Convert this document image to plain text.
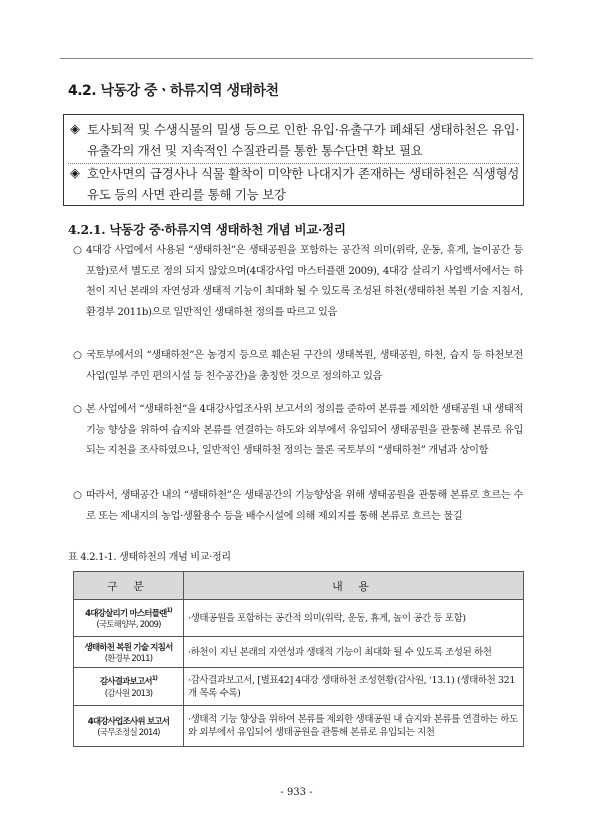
4.2. 낙동강 중ㆍ하류지역 생태하천
◈ 토사퇴적 및 수생식물의 밀생 등으로 인한 유입·유출구가 폐쇄된 생태하천은 유입·유출각의 개선 및 지속적인 수질관리를 통한 통수단면 확보 필요
◈ 호안사면의 급경사나 식물 활착이 미약한 나대지가 존재하는 생태하천은 식생형성 유도 등의 사면 관리를 통해 기능 보강
4.2.1. 낙동강 중·하류지역 생태하천 개념 비교·정리
○ 4대강 사업에서 사용된 “생태하천”은 생태공원을 포함하는 공간적 의미(위락, 운동, 휴게, 놀이공간 등 포함)로서 별도로 정의 되지 않았으며(4대강사업 마스터플랜 2009), 4대강 살리기 사업백서에서는 하천이 지닌 본래의 자연성과 생태적 기능이 최대화 될 수 있도록 조성된 하천(생태하천 복원 기술 지침서, 환경부 2011b)으로 일반적인 생태하천 정의를 따르고 있음
○ 국토부에서의 “생태하천”은 농경지 등으로 훼손된 구간의 생태복원, 생태공원, 하천, 습지 등 하천보전사업(일부 주민 편의시설 등 친수공간)을 총칭한 것으로 정의하고 있음
○ 본 사업에서 “생태하천”을 4대강사업조사위 보고서의 정의를 준하여 본류를 제외한 생태공원 내 생태적 기능 향상을 위하여 습지와 본류를 연결하는 하도와 외부에서 유입되어 생태공원을 관통해 본류로 유입되는 지천을 조사하였으나, 일반적인 생태하천 정의는 물론 국토부의 “생태하천” 개념과 상이함
○ 따라서, 생태공간 내의 “생태하천”은 생태공간의 기능향상을 위해 생태공원을 관통해 본류로 흐르는 수로 또는 제내지의 농업·생활용수 등을 배수시설에 의해 제외지를 통해 본류로 흐르는 물길
표 4.2.1-1. 생태하천의 개념 비교·정리
구 분	내 용
4대강살리기 마스터플랜$^{1)}$
(국토해양부, 2009)	·생태공원을 포함하는 공간적 의미(위락, 운동, 휴게, 놀이 공간 등 포함)
생태하천 복원 기술 지침서
(환경부 2011)	·하천이 지닌 본래의 자연성과 생태적 기능이 최대화 될 수 있도록 조성된 하천
감사결과보고서$^{1)}$
(감사원 2013)	·감사결과보고서, [별표42] 4대강 생태하천 조성현황(감사원, ‘13.1) (생태하천 321개 목록 수록)
4대강사업조사위 보고서
(국무조정실 2014)	·생태적 기능 향상을 위하여 본류를 제외한 생태공원 내 습지와 본류를 연결하는 하도와 외부에서 유입되어 생태공원을 관통해 본류로 유입되는 지천
- 933 -
